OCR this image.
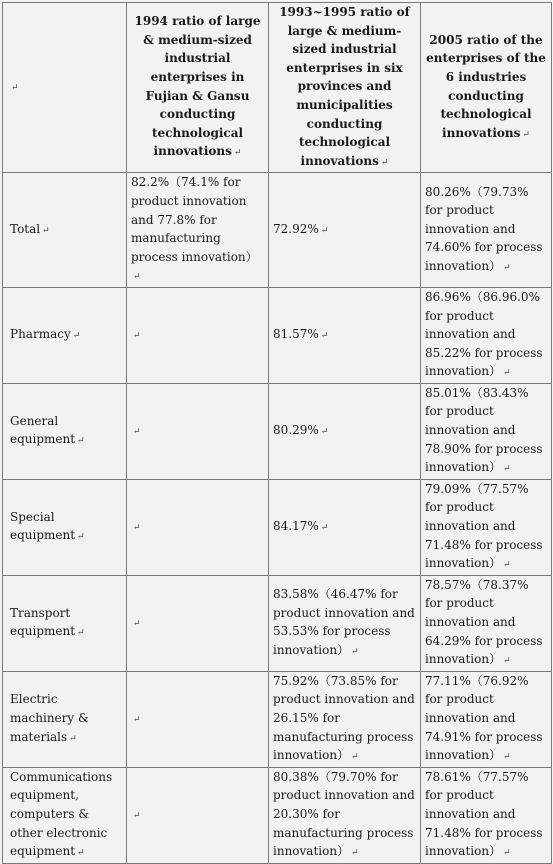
↵	1994 ratio of large & medium-sized industrial enterprises in Fujian & Gansu conducting technological innovations ↵	1993~1995 ratio of large & medium-sized industrial enterprises in six provinces and municipalities conducting technological innovations ↵	2005 ratio of the enterprises of the 6 industries conducting technological innovations ↵
Total ↵	82.2%（74.1% for product innovation and 77.8% for manufacturing process innovation）↵	72.92% ↵	80.26%（79.73% for product innovation and 74.60% for process innovation） ↵
Pharmacy ↵	↵	81.57% ↵	86.96%（86.96.0% for product innovation and 85.22% for process innovation） ↵
General equipment ↵	↵	80.29% ↵	85.01%（83.43% for product innovation and 78.90% for process innovation） ↵
Special equipment ↵	↵	84.17% ↵	79.09%（77.57% for product innovation and 71.48% for process innovation） ↵
Transport equipment ↵	↵	83.58%（46.47% for product innovation and 53.53% for process innovation） ↵	78.57%（78.37% for product innovation and 64.29% for process innovation） ↵
Electric machinery & materials ↵	↵	75.92%（73.85% for product innovation and 26.15% for manufacturing process innovation） ↵	77.11%（76.92% for product innovation and 74.91% for process innovation） ↵
Communications equipment, computers & other electronic equipment ↵	↵	80.38%（79.70% for product innovation and 20.30% for manufacturing process innovation） ↵	78.61%（77.57% for product innovation and 71.48% for process innovation） ↵
